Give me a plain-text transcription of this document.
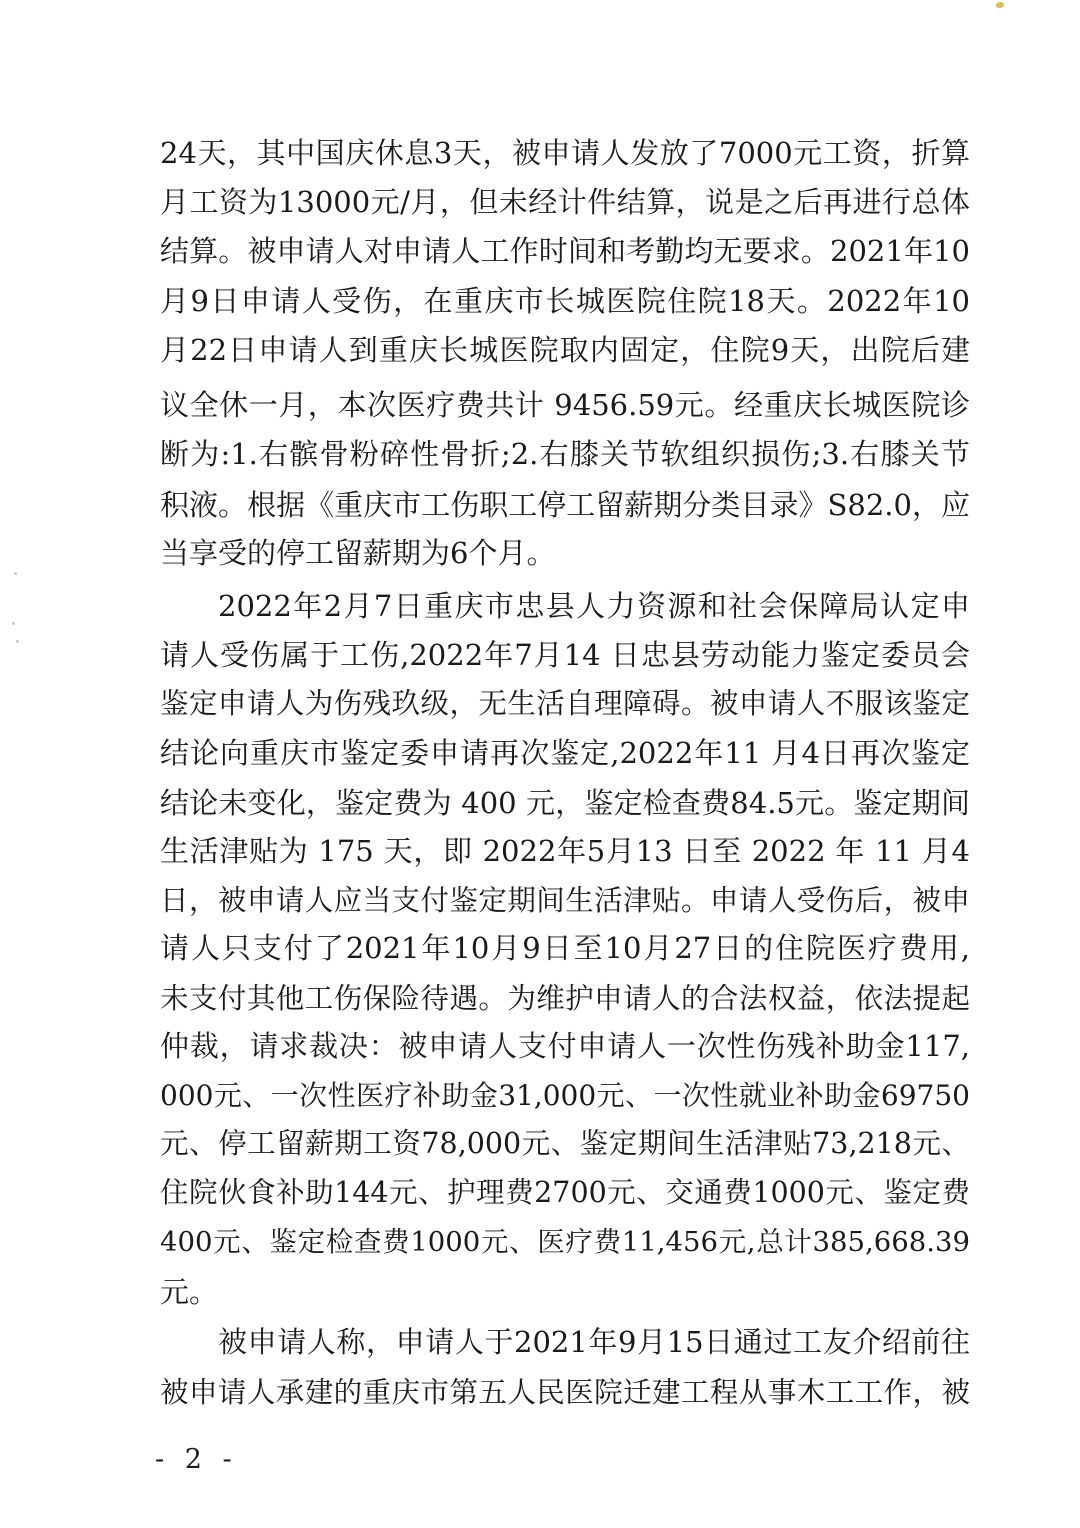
24天，其中国庆休息3天，被申请人发放了7000元工资，折算
月工资为13000元/月，但未经计件结算，说是之后再进行总体
结算。被申请人对申请人工作时间和考勤均无要求。2021年10
月9日申请人受伤，在重庆市长城医院住院18天。2022年10
月22日申请人到重庆长城医院取内固定，住院9天，出院后建
议全休一月，本次医疗费共计 9456.59元。经重庆长城医院诊
断为:1.右髌骨粉碎性骨折;2.右膝关节软组织损伤;3.右膝关节
积液。根据《重庆市工伤职工停工留薪期分类目录》S82.0，应
当享受的停工留薪期为6个月。
2022年2月7日重庆市忠县人力资源和社会保障局认定申
请人受伤属于工伤,2022年7月14 日忠县劳动能力鉴定委员会
鉴定申请人为伤残玖级，无生活自理障碍。被申请人不服该鉴定
结论向重庆市鉴定委申请再次鉴定,2022年11 月4日再次鉴定
结论未变化，鉴定费为 400 元，鉴定检查费84.5元。鉴定期间
生活津贴为 175 天，即 2022年5月13 日至 2022 年 11 月4
日，被申请人应当支付鉴定期间生活津贴。申请人受伤后，被申
请人只支付了2021年10月9日至10月27日的住院医疗费用,
未支付其他工伤保险待遇。为维护申请人的合法权益，依法提起
仲裁，请求裁决：被申请人支付申请人一次性伤残补助金117,
000元、一次性医疗补助金31,000元、一次性就业补助金69750
元、停工留薪期工资78,000元、鉴定期间生活津贴73,218元、
住院伙食补助144元、护理费2700元、交通费1000元、鉴定费
400元、鉴定检查费1000元、医疗费11,456元,总计385,668.39
元。
被申请人称，申请人于2021年9月15日通过工友介绍前往
被申请人承建的重庆市第五人民医院迁建工程从事木工工作，被
- 2 -
